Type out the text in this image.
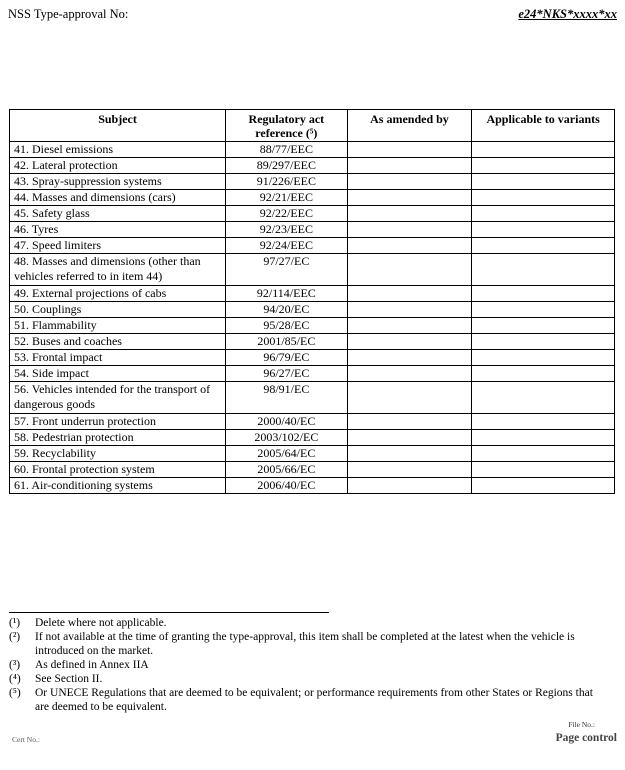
NSS Type-approval No:	e24*NKS*xxxx*xx
Subject	Regulatory act reference (⁵)	As amended by	Applicable to variants
41. Diesel emissions	88/77/EEC		
42. Lateral protection	89/297/EEC		
43. Spray-suppression systems	91/226/EEC		
44. Masses and dimensions (cars)	92/21/EEC		
45. Safety glass	92/22/EEC		
46. Tyres	92/23/EEC		
47. Speed limiters	92/24/EEC		
48. Masses and dimensions (other than vehicles referred to in item 44)	97/27/EC		
49. External projections of cabs	92/114/EEC		
50. Couplings	94/20/EC		
51. Flammability	95/28/EC		
52. Buses and coaches	2001/85/EC		
53. Frontal impact	96/79/EC		
54. Side impact	96/27/EC		
56. Vehicles intended for the transport of dangerous goods	98/91/EC		
57. Front underrun protection	2000/40/EC		
58. Pedestrian protection	2003/102/EC		
59. Recyclability	2005/64/EC		
60. Frontal protection system	2005/66/EC		
61. Air-conditioning systems	2006/40/EC		
(¹)	Delete where not applicable.
(²)	If not available at the time of granting the type-approval, this item shall be completed at the latest when the vehicle is introduced on the market.
(³)	As defined in Annex IIA
(⁴)	See Section II.
(⁵)	Or UNECE Regulations that are deemed to be equivalent; or performance requirements from other States or Regions that are deemed to be equivalent.
Cert No.:
File No.:
Page control
